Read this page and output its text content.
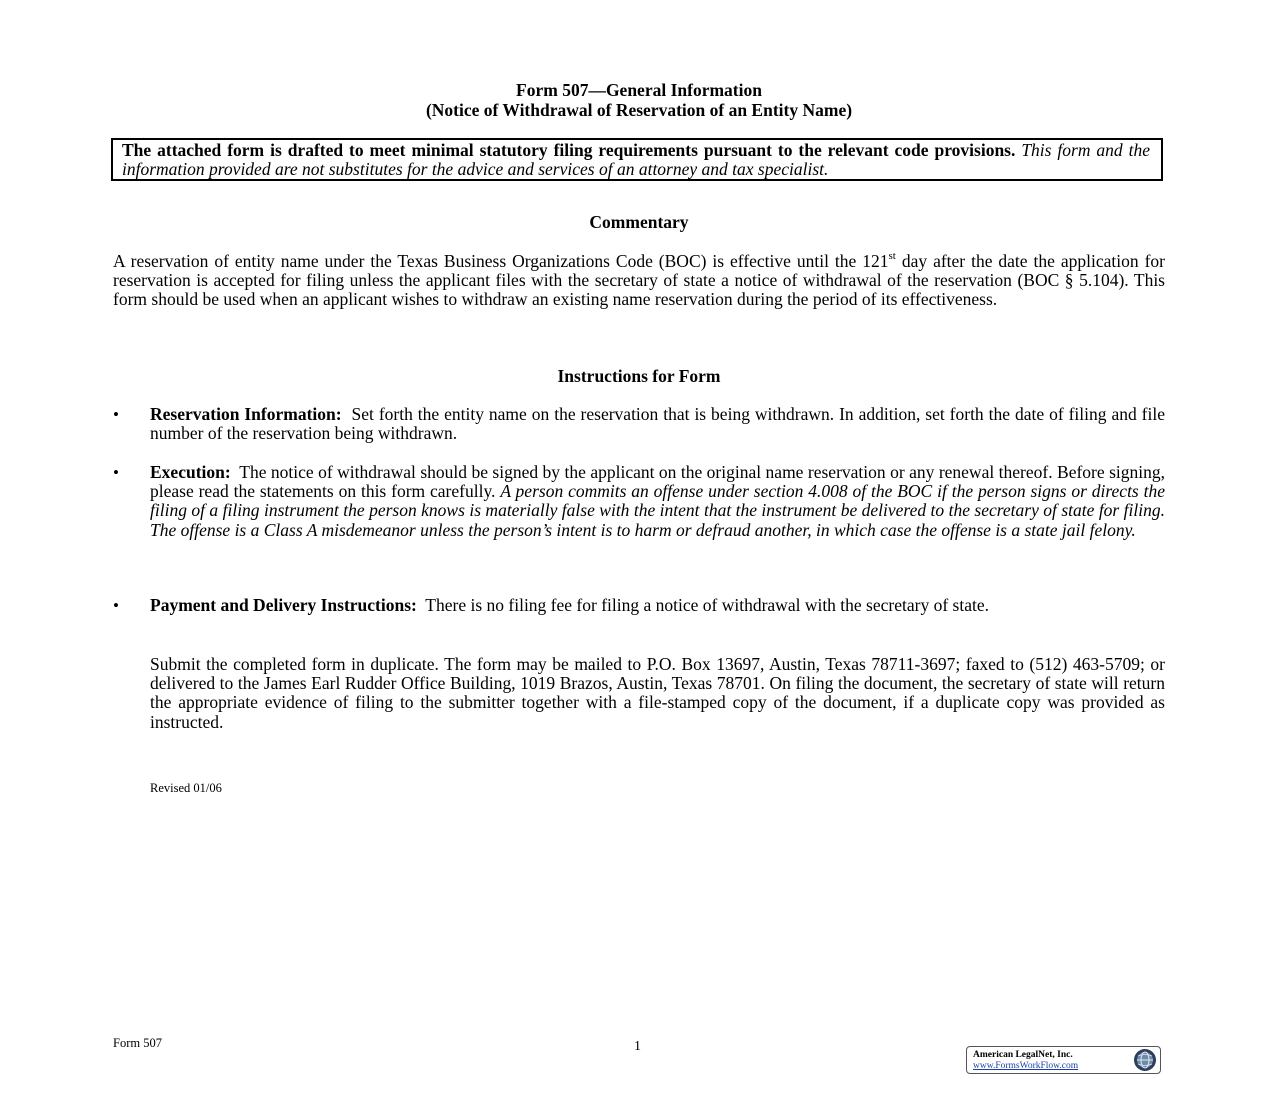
Form 507—General Information
(Notice of Withdrawal of Reservation of an Entity Name)
The attached form is drafted to meet minimal statutory filing requirements pursuant to the relevant code provisions. This form and the information provided are not substitutes for the advice and services of an attorney and tax specialist.
Commentary
A reservation of entity name under the Texas Business Organizations Code (BOC) is effective until the 121st day after the date the application for reservation is accepted for filing unless the applicant files with the secretary of state a notice of withdrawal of the reservation (BOC § 5.104). This form should be used when an applicant wishes to withdraw an existing name reservation during the period of its effectiveness.
Instructions for Form
•	Reservation Information: Set forth the entity name on the reservation that is being withdrawn. In addition, set forth the date of filing and file number of the reservation being withdrawn.
•	Execution: The notice of withdrawal should be signed by the applicant on the original name reservation or any renewal thereof. Before signing, please read the statements on this form carefully. A person commits an offense under section 4.008 of the BOC if the person signs or directs the filing of a filing instrument the person knows is materially false with the intent that the instrument be delivered to the secretary of state for filing. The offense is a Class A misdemeanor unless the person’s intent is to harm or defraud another, in which case the offense is a state jail felony.
•	Payment and Delivery Instructions: There is no filing fee for filing a notice of withdrawal with the secretary of state.
Submit the completed form in duplicate. The form may be mailed to P.O. Box 13697, Austin, Texas 78711-3697; faxed to (512) 463-5709; or delivered to the James Earl Rudder Office Building, 1019 Brazos, Austin, Texas 78701. On filing the document, the secretary of state will return the appropriate evidence of filing to the submitter together with a file-stamped copy of the document, if a duplicate copy was provided as instructed.
Revised 01/06
Form 507	1
American LegalNet, Inc.
www.FormsWorkFlow.com
